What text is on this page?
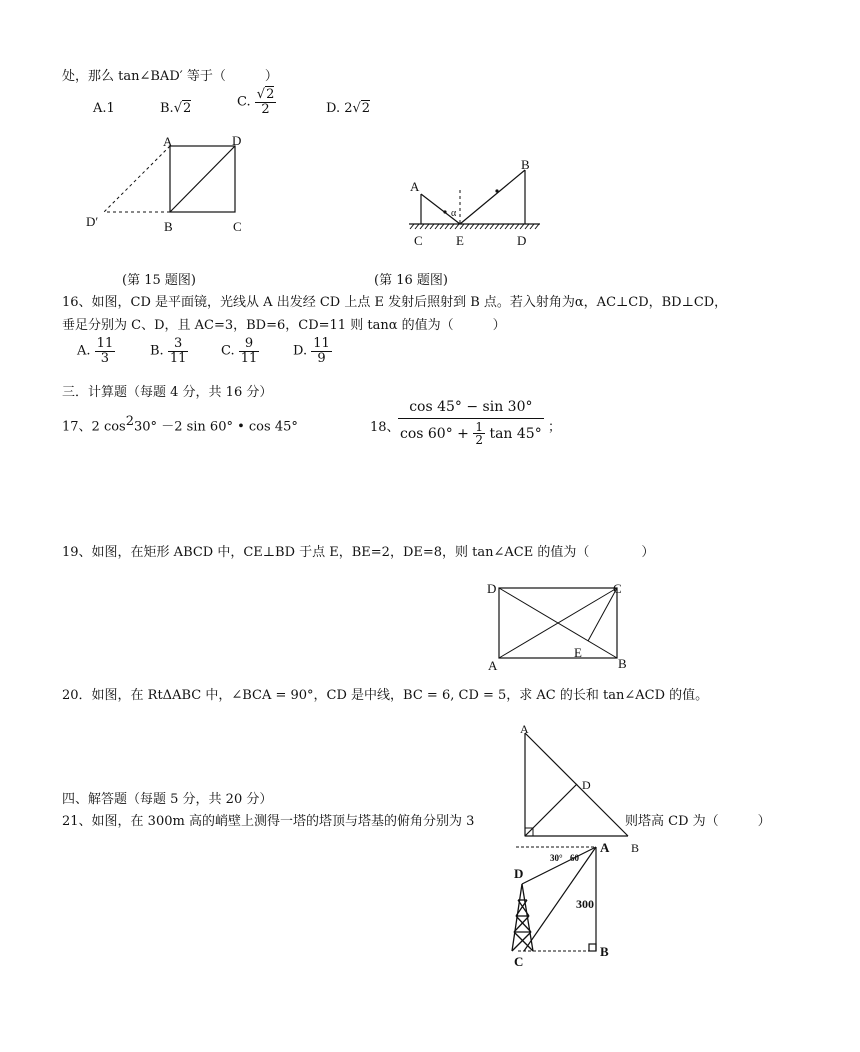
处，那么 tan∠BAD′ 等于（　　　）
A.1	B.√2	C. $\frac{√2}{2}$	D. 2√2
A	D
D′	B	C
A
B
α
C	E	D
(第 15 题图)	(第 16 题图)
16、如图，CD 是平面镜，光线从 A 出发经 CD 上点 E 发射后照射到 B 点。若入射角为α，AC⊥CD，BD⊥CD，
垂足分别为 C、D，且 AC=3，BD=6，CD=11 则 tanα 的值为（　　　）
A. $\frac{11}{3}$	B. $\frac{3}{11}$	C. $\frac{9}{11}$	D. $\frac{11}{9}$
三．计算题（每题 4 分，共 16 分）
17、2 cos230° －2 sin 60° • cos 45°	18、
$\frac{\cos 45^\circ - \sin 30^\circ}{\cos 60^\circ + \frac{1}{2} \tan 45^\circ}$ ；
19、如图，在矩形 ABCD 中，CE⊥BD 于点 E，BE=2，DE=8，则 tan∠ACE 的值为（　　　　）
D	C
E
A	B
20．如图，在 RtΔABC 中，∠BCA = 90°，CD 是中线，BC = 6, CD = 5，求 AC 的长和 tan∠ACD 的值。
A
D
B
四、解答题（每题 5 分，共 20 分）
21、如图，在 300m 高的峭壁上测得一塔的塔顶与塔基的俯角分别为 3	则塔高 CD 为（　　　）
D
A
30° 60
300
C
B
